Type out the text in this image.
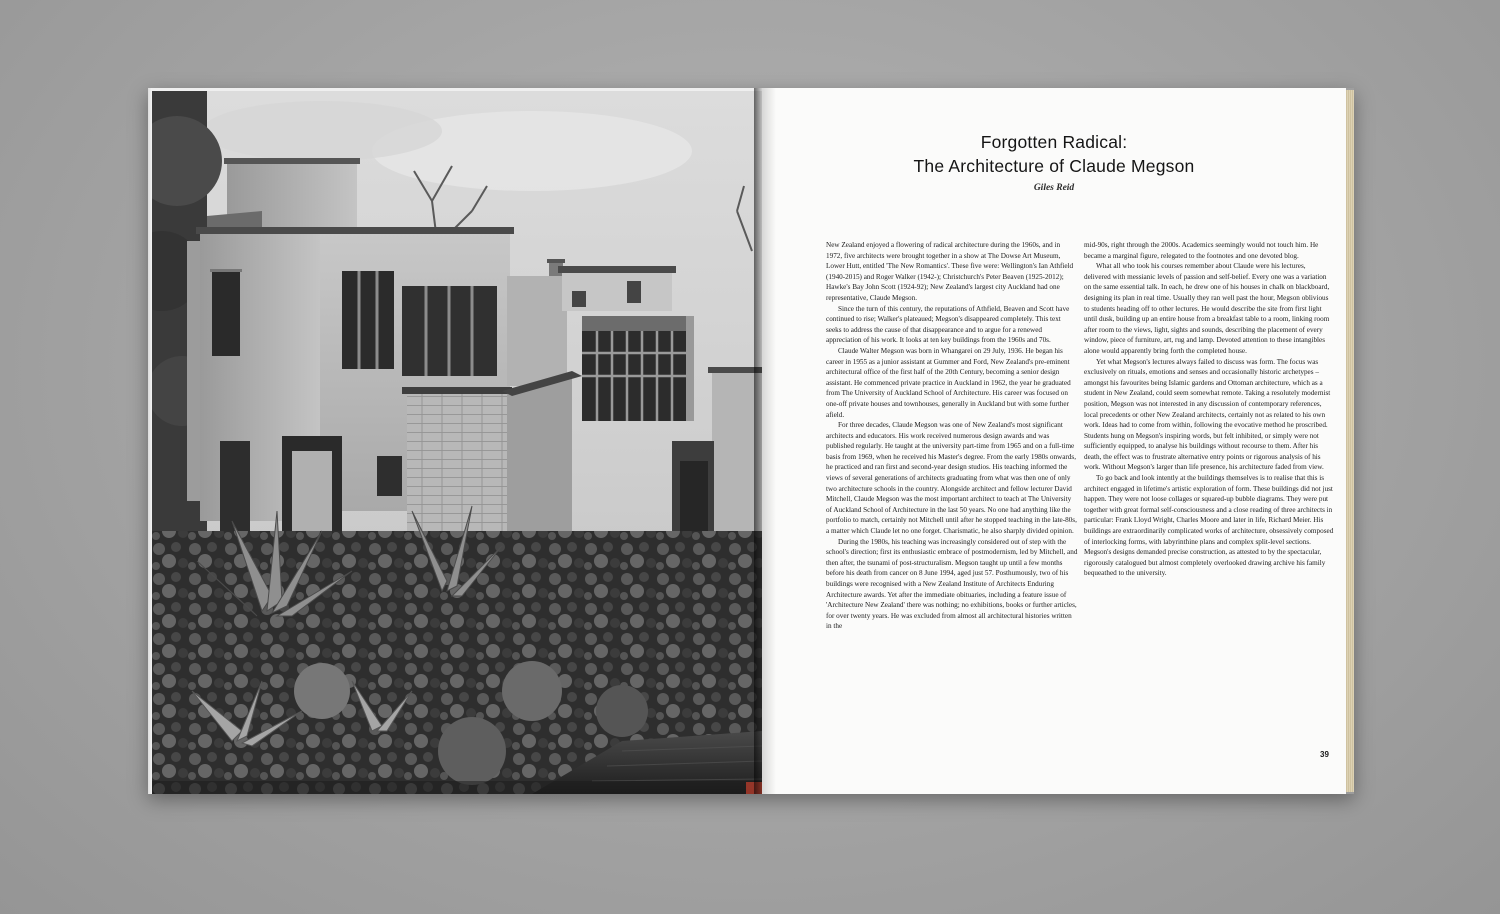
Forgotten Radical:
The Architecture of Claude Megson
Giles Reid

New Zealand enjoyed a flowering of radical architecture during the 1960s, and in 1972, five architects were brought together in a show at The Dowse Art Museum, Lower Hutt, entitled 'The New Romantics'. These five were: Wellington's Ian Athfield (1940-2015) and Roger Walker (1942-); Christchurch's Peter Beaven (1925-2012); Hawke's Bay John Scott (1924-92); New Zealand's largest city Auckland had one representative, Claude Megson.

Since the turn of this century, the reputations of Athfield, Beaven and Scott have continued to rise; Walker's plateaued; Megson's disappeared completely. This text seeks to address the cause of that disappearance and to argue for a renewed appreciation of his work. It looks at ten key buildings from the 1960s and 70s.

Claude Walter Megson was born in Whangarei on 29 July, 1936. He began his career in 1955 as a junior assistant at Gummer and Ford, New Zealand's pre-eminent architectural office of the first half of the 20th Century, becoming a senior design assistant. He commenced private practice in Auckland in 1962, the year he graduated from The University of Auckland School of Architecture. His career was focused on one-off private houses and townhouses, generally in Auckland but with some further afield.

For three decades, Claude Megson was one of New Zealand's most significant architects and educators. His work received numerous design awards and was published regularly. He taught at the university part-time from 1965 and on a full-time basis from 1969, when he received his Master's degree. From the early 1980s onwards, he practiced and ran first and second-year design studios. His teaching informed the views of several generations of architects graduating from what was then one of only two architecture schools in the country. Alongside architect and fellow lecturer David Mitchell, Claude Megson was the most important architect to teach at The University of Auckland School of Architecture in the last 50 years. No one had anything like the portfolio to match, certainly not Mitchell until after he stopped teaching in the late-80s, a matter which Claude let no one forget. Charismatic, he also sharply divided opinion.

During the 1980s, his teaching was increasingly considered out of step with the school's direction; first its enthusiastic embrace of postmodernism, led by Mitchell, and then after, the tsunami of post-structuralism. Megson taught up until a few months before his death from cancer on 8 June 1994, aged just 57. Posthumously, two of his buildings were recognised with a New Zealand Institute of Architects Enduring Architecture awards. Yet after the immediate obituaries, including a feature issue of 'Architecture New Zealand' there was nothing; no exhibitions, books or further articles, for over twenty years. He was excluded from almost all architectural histories written in the

mid-90s, right through the 2000s. Academics seemingly would not touch him. He became a marginal figure, relegated to the footnotes and one devoted blog.

What all who took his courses remember about Claude were his lectures, delivered with messianic levels of passion and self-belief. Every one was a variation on the same essential talk. In each, he drew one of his houses in chalk on blackboard, designing its plan in real time. Usually they ran well past the hour, Megson oblivious to students heading off to other lectures. He would describe the site from first light until dusk, building up an entire house from a breakfast table to a room, linking room after room to the views, light, sights and sounds, describing the placement of every window, piece of furniture, art, rug and lamp. Devoted attention to these intangibles alone would apparently bring forth the completed house.

Yet what Megson's lectures always failed to discuss was form. The focus was exclusively on rituals, emotions and senses and occasionally historic archetypes – amongst his favourites being Islamic gardens and Ottoman architecture, which as a student in New Zealand, could seem somewhat remote. Taking a resolutely modernist position, Megson was not interested in any discussion of contemporary references, local precedents or other New Zealand architects, certainly not as related to his own work. Ideas had to come from within, following the evocative method he proscribed. Students hung on Megson's inspiring words, but felt inhibited, or simply were not sufficiently equipped, to analyse his buildings without recourse to them. After his death, the effect was to frustrate alternative entry points or rigorous analysis of his work. Without Megson's larger than life presence, his architecture faded from view.

To go back and look intently at the buildings themselves is to realise that this is architect engaged in lifetime's artistic exploration of form. These buildings did not just happen. They were not loose collages or squared-up bubble diagrams. They were put together with great formal self-consciousness and a close reading of three architects in particular: Frank Lloyd Wright, Charles Moore and later in life, Richard Meier. His buildings are extraordinarily complicated works of architecture, obsessively composed of interlocking forms, with labyrinthine plans and complex split-level sections. Megson's designs demanded precise construction, as attested to by the spectacular, rigorously catalogued but almost completely overlooked drawing archive his family bequeathed to the university.

39
